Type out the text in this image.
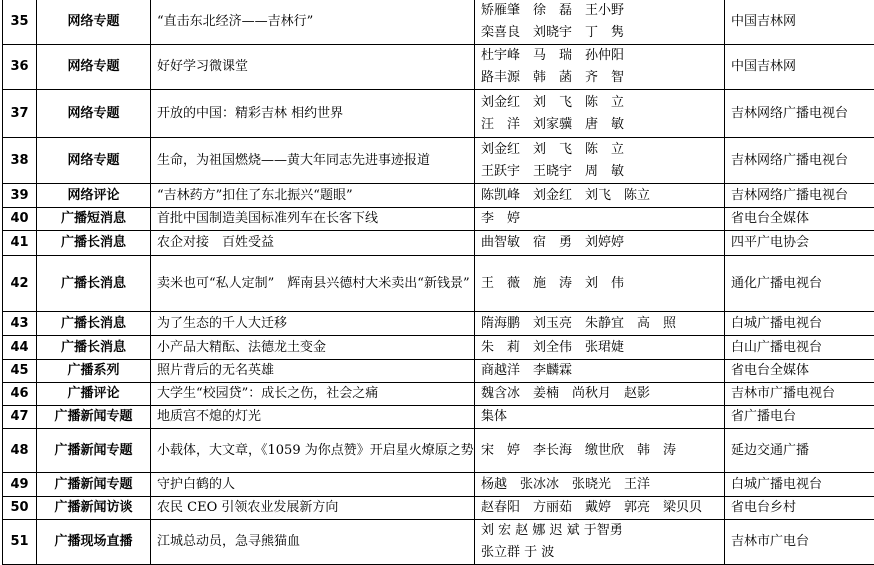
35	网络专题	“直击东北经济——吉林行”	矫雁肇　徐　磊　王小野
栾喜良　刘晓宇　丁　隽	中国吉林网
36	网络专题	好好学习微课堂	杜宇峰　马　瑞　孙仲阳
路丰源　韩　菡　齐　智	中国吉林网
37	网络专题	开放的中国：精彩吉林 相约世界	刘金红　刘　飞　陈　立
汪　洋　刘家骥　唐　敏	吉林网络广播电视台
38	网络专题	生命，为祖国燃烧——黄大年同志先进事迹报道	刘金红　刘　飞　陈　立
王跃宇　王晓宇　周　敏	吉林网络广播电视台
39	网络评论	“吉林药方”扣住了东北振兴“题眼”	陈凯峰　刘金红　刘飞　陈立	吉林网络广播电视台
40	广播短消息	首批中国制造美国标准列车在长客下线	李　婷	省电台全媒体
41	广播长消息	农企对接　百姓受益	曲智敏　宿　勇　刘婷婷	四平广电协会
42	广播长消息	卖米也可“私人定制”　辉南县兴德村大米卖出“新钱景”	王　薇　施　涛　刘　伟	通化广播电视台
43	广播长消息	为了生态的千人大迁移	隋海鹏　刘玉亮　朱静宜　高　照	白城广播电视台
44	广播长消息	小产品大精酝、法德龙土变金	朱　莉　刘全伟　张珺婕	白山广播电视台
45	广播系列	照片背后的无名英雄	商越洋　李麟霖	省电台全媒体
46	广播评论	大学生“校园贷”：成长之伤，社会之痛	魏含冰　姜楠　尚秋月　赵影	吉林市广播电视台
47	广播新闻专题	地质宫不熄的灯光	集体	省广播电台
48	广播新闻专题	小载体，大文章，《1059 为你点赞》开启星火燎原之势	宋　婷　李长海　缴世欣　韩　涛	延边交通广播
49	广播新闻专题	守护白鹤的人	杨越　张冰冰　张晓光　王洋	白城广播电视台
50	广播新闻访谈	农民 CEO 引领农业发展新方向	赵春阳　方丽茹　戴婷　郭亮　梁贝贝	省电台乡村
51	广播现场直播	江城总动员，急寻熊猫血	刘 宏 赵 娜 迟 斌 于智勇
张立群 于 波	吉林市广电台
